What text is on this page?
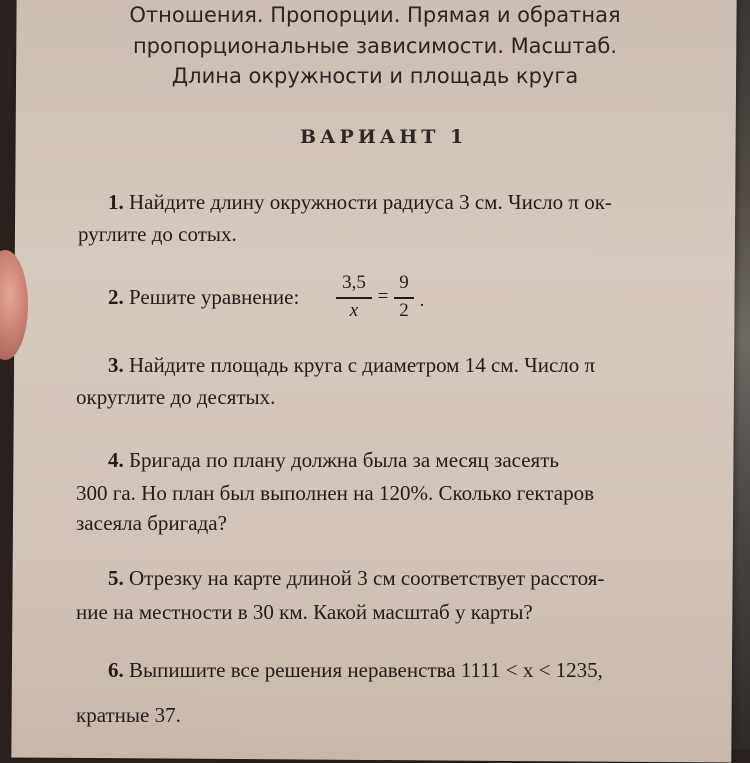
Отношения. Пропорции. Прямая и обратная
пропорциональные зависимости. Масштаб.
Длина окружности и площадь круга
ВАРИАНТ 1
1. Найдите длину окружности радиуса 3 см. Число π ок-
руглите до сотых.
2. Решите уравнение:
3,5
x
=
9
2 .
3. Найдите площадь круга с диаметром 14 см. Число π
округлите до десятых.
4. Бригада по плану должна была за месяц засеять
300 га. Но план был выполнен на 120%. Сколько гектаров
засеяла бригада?
5. Отрезку на карте длиной 3 см соответствует расстоя-
ние на местности в 30 км. Какой масштаб у карты?
6. Выпишите все решения неравенства 1111 < x < 1235,
кратные 37.
